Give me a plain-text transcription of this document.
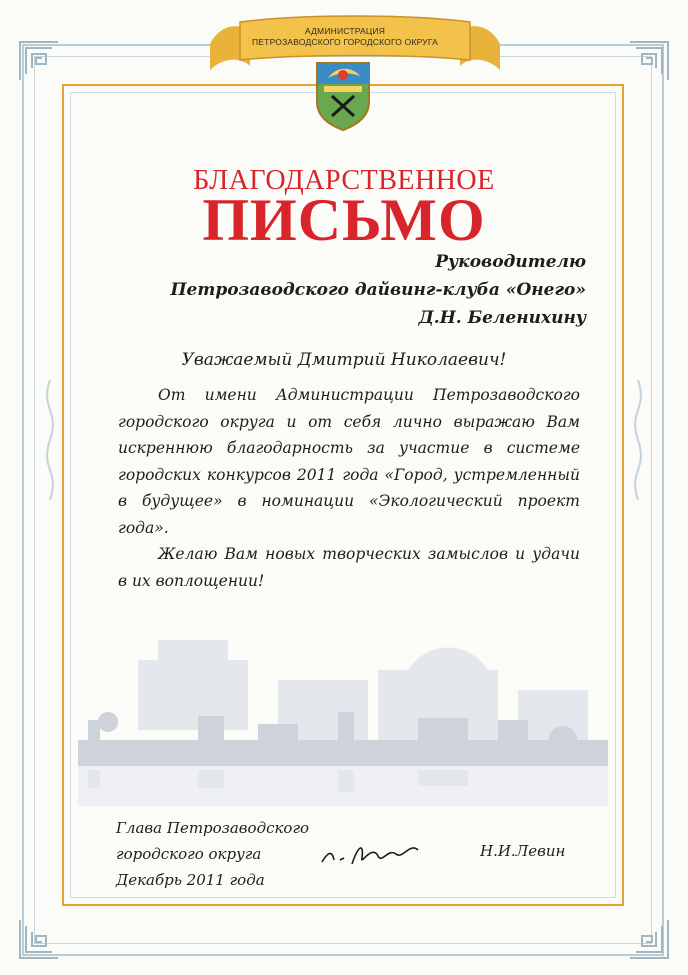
АДМИНИСТРАЦИЯ
ПЕТРОЗАВОДСКОГО ГОРОДСКОГО ОКРУГА
БЛАГОДАРСТВЕННОЕ
ПИСЬМО
Руководителю
Петрозаводского дайвинг-клуба «Онего»
Д.Н. Беленихину
Уважаемый Дмитрий Николаевич!

От имени Администрации Петрозаводского городского округа и от себя лично выражаю Вам искреннюю благодарность за участие в системе городских конкурсов 2011 года «Город, устремленный в будущее» в номинации «Экологический проект года».

Желаю Вам новых творческих замыслов и удачи в их воплощении!

Глава Петрозаводского
городского округа
Декабрь 2011 года
Н.И.Левин
